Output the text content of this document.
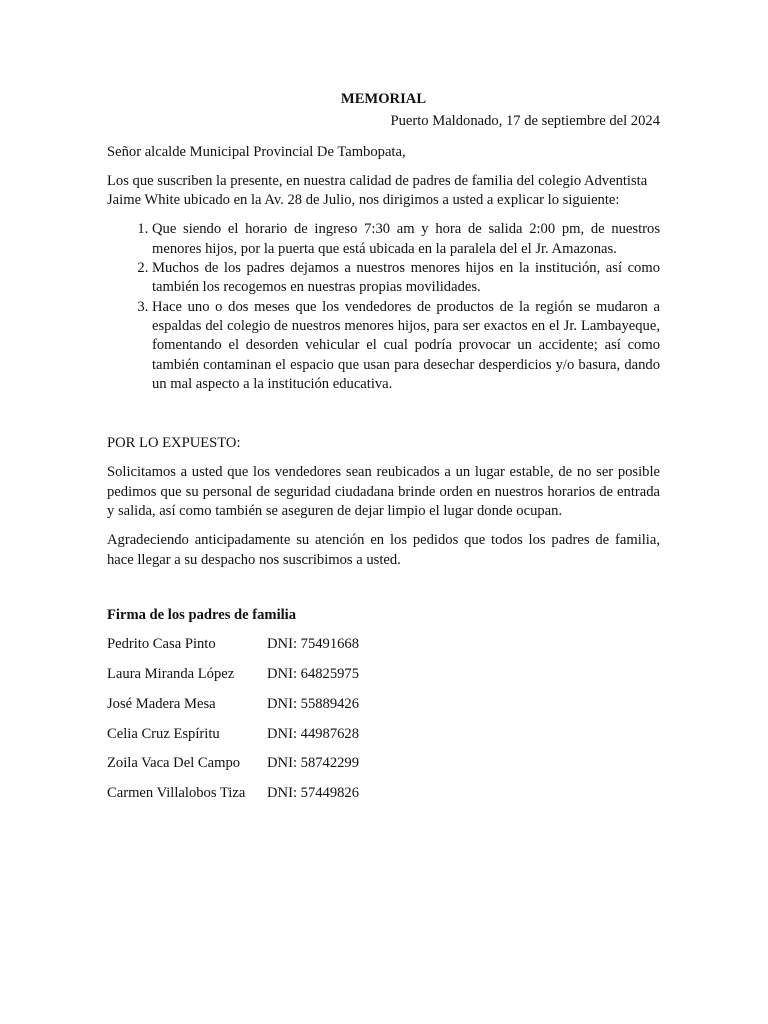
MEMORIAL
Puerto Maldonado, 17 de septiembre del 2024

Señor alcalde Municipal Provincial De Tambopata,

Los que suscriben la presente, en nuestra calidad de padres de familia del colegio Adventista Jaime White ubicado en la Av. 28 de Julio, nos dirigimos a usted a explicar lo siguiente:

1. Que siendo el horario de ingreso 7:30 am y hora de salida 2:00 pm, de nuestros menores hijos, por la puerta que está ubicada en la paralela del el Jr. Amazonas.
2. Muchos de los padres dejamos a nuestros menores hijos en la institución, así como también los recogemos en nuestras propias movilidades.
3. Hace uno o dos meses que los vendedores de productos de la región se mudaron a espaldas del colegio de nuestros menores hijos, para ser exactos en el Jr. Lambayeque, fomentando el desorden vehicular el cual podría provocar un accidente; así como también contaminan el espacio que usan para desechar desperdicios y/o basura, dando un mal aspecto a la institución educativa.
POR LO EXPUESTO:

Solicitamos a usted que los vendedores sean reubicados a un lugar estable, de no ser posible pedimos que su personal de seguridad ciudadana brinde orden en nuestros horarios de entrada y salida, así como también se aseguren de dejar limpio el lugar donde ocupan.

Agradeciendo anticipadamente su atención en los pedidos que todos los padres de familia, hace llegar a su despacho nos suscribimos a usted.

Firma de los padres de familia
Pedrito Casa Pinto	DNI: 75491668
Laura Miranda López	DNI: 64825975
José Madera Mesa	DNI: 55889426
Celia Cruz Espíritu	DNI: 44987628
Zoila Vaca Del Campo	DNI: 58742299
Carmen Villalobos Tiza	DNI: 57449826
